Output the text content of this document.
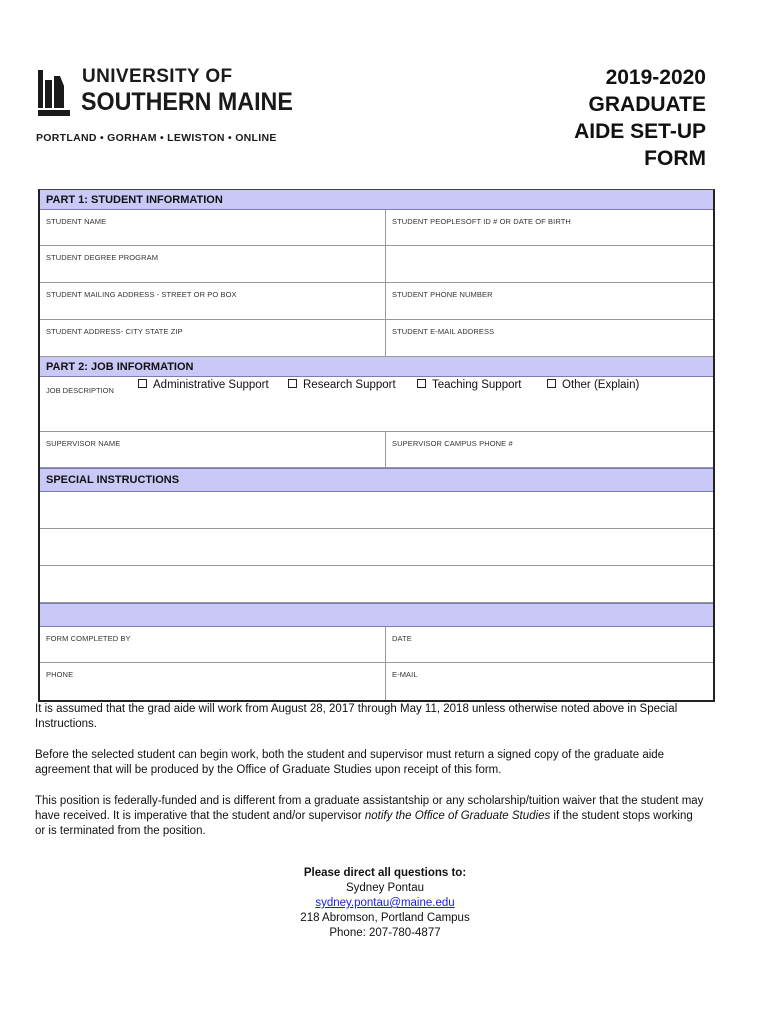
UNIVERSITY OF
SOUTHERN MAINE
PORTLAND • GORHAM • LEWISTON • ONLINE
2019-2020
GRADUATE
AIDE SET-UP
FORM
PART 1: STUDENT INFORMATION
STUDENT NAME	STUDENT PEOPLESOFT ID # OR DATE OF BIRTH
STUDENT DEGREE PROGRAM
STUDENT MAILING ADDRESS - STREET OR PO BOX	STUDENT PHONE NUMBER
STUDENT ADDRESS- CITY STATE ZIP	STUDENT E-MAIL ADDRESS
PART 2: JOB INFORMATION
JOB DESCRIPTION	Administrative Support	Research Support	Teaching Support	Other (Explain)
SUPERVISOR NAME	SUPERVISOR CAMPUS PHONE #
SPECIAL INSTRUCTIONS
FORM COMPLETED BY	DATE
PHONE	E-MAIL

It is assumed that the grad aide will work from August 28, 2017 through May 11, 2018 unless otherwise noted above in Special Instructions.

Before the selected student can begin work, both the student and supervisor must return a signed copy of the graduate aide agreement that will be produced by the Office of Graduate Studies upon receipt of this form.

This position is federally-funded and is different from a graduate assistantship or any scholarship/tuition waiver that the student may have received. It is imperative that the student and/or supervisor notify the Office of Graduate Studies if the student stops working or is terminated from the position.

Please direct all questions to:
Sydney Pontau
sydney.pontau@maine.edu
218 Abromson, Portland Campus
Phone: 207-780-4877
